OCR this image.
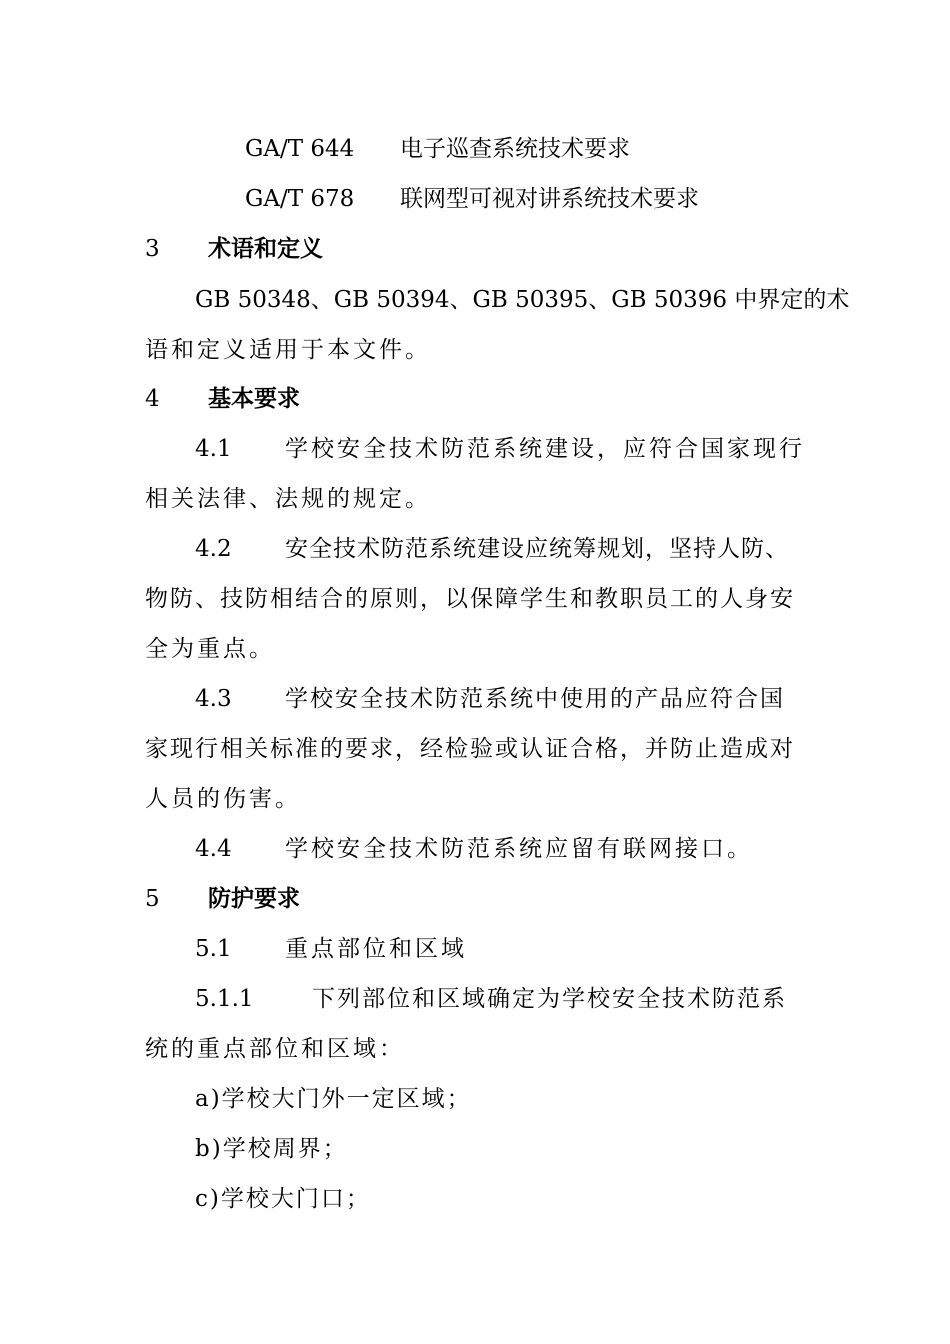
GA/T 644 电子巡查系统技术要求
GA/T 678 联网型可视对讲系统技术要求
3 术语和定义
GB 50348、GB 50394、GB 50395、GB 50396 中界定的术
语和定义适用于本文件。
4 基本要求
4.1 学校安全技术防范系统建设，应符合国家现行
相关法律、法规的规定。
4.2 安全技术防范系统建设应统筹规划，坚持人防、
物防、技防相结合的原则，以保障学生和教职员工的人身安
全为重点。
4.3 学校安全技术防范系统中使用的产品应符合国
家现行相关标准的要求，经检验或认证合格，并防止造成对
人员的伤害。
4.4 学校安全技术防范系统应留有联网接口。
5 防护要求
5.1 重点部位和区域
5.1.1	下列部位和区域确定为学校安全技术防范系
统的重点部位和区域：
a)学校大门外一定区域；
b)学校周界；
c)学校大门口；
